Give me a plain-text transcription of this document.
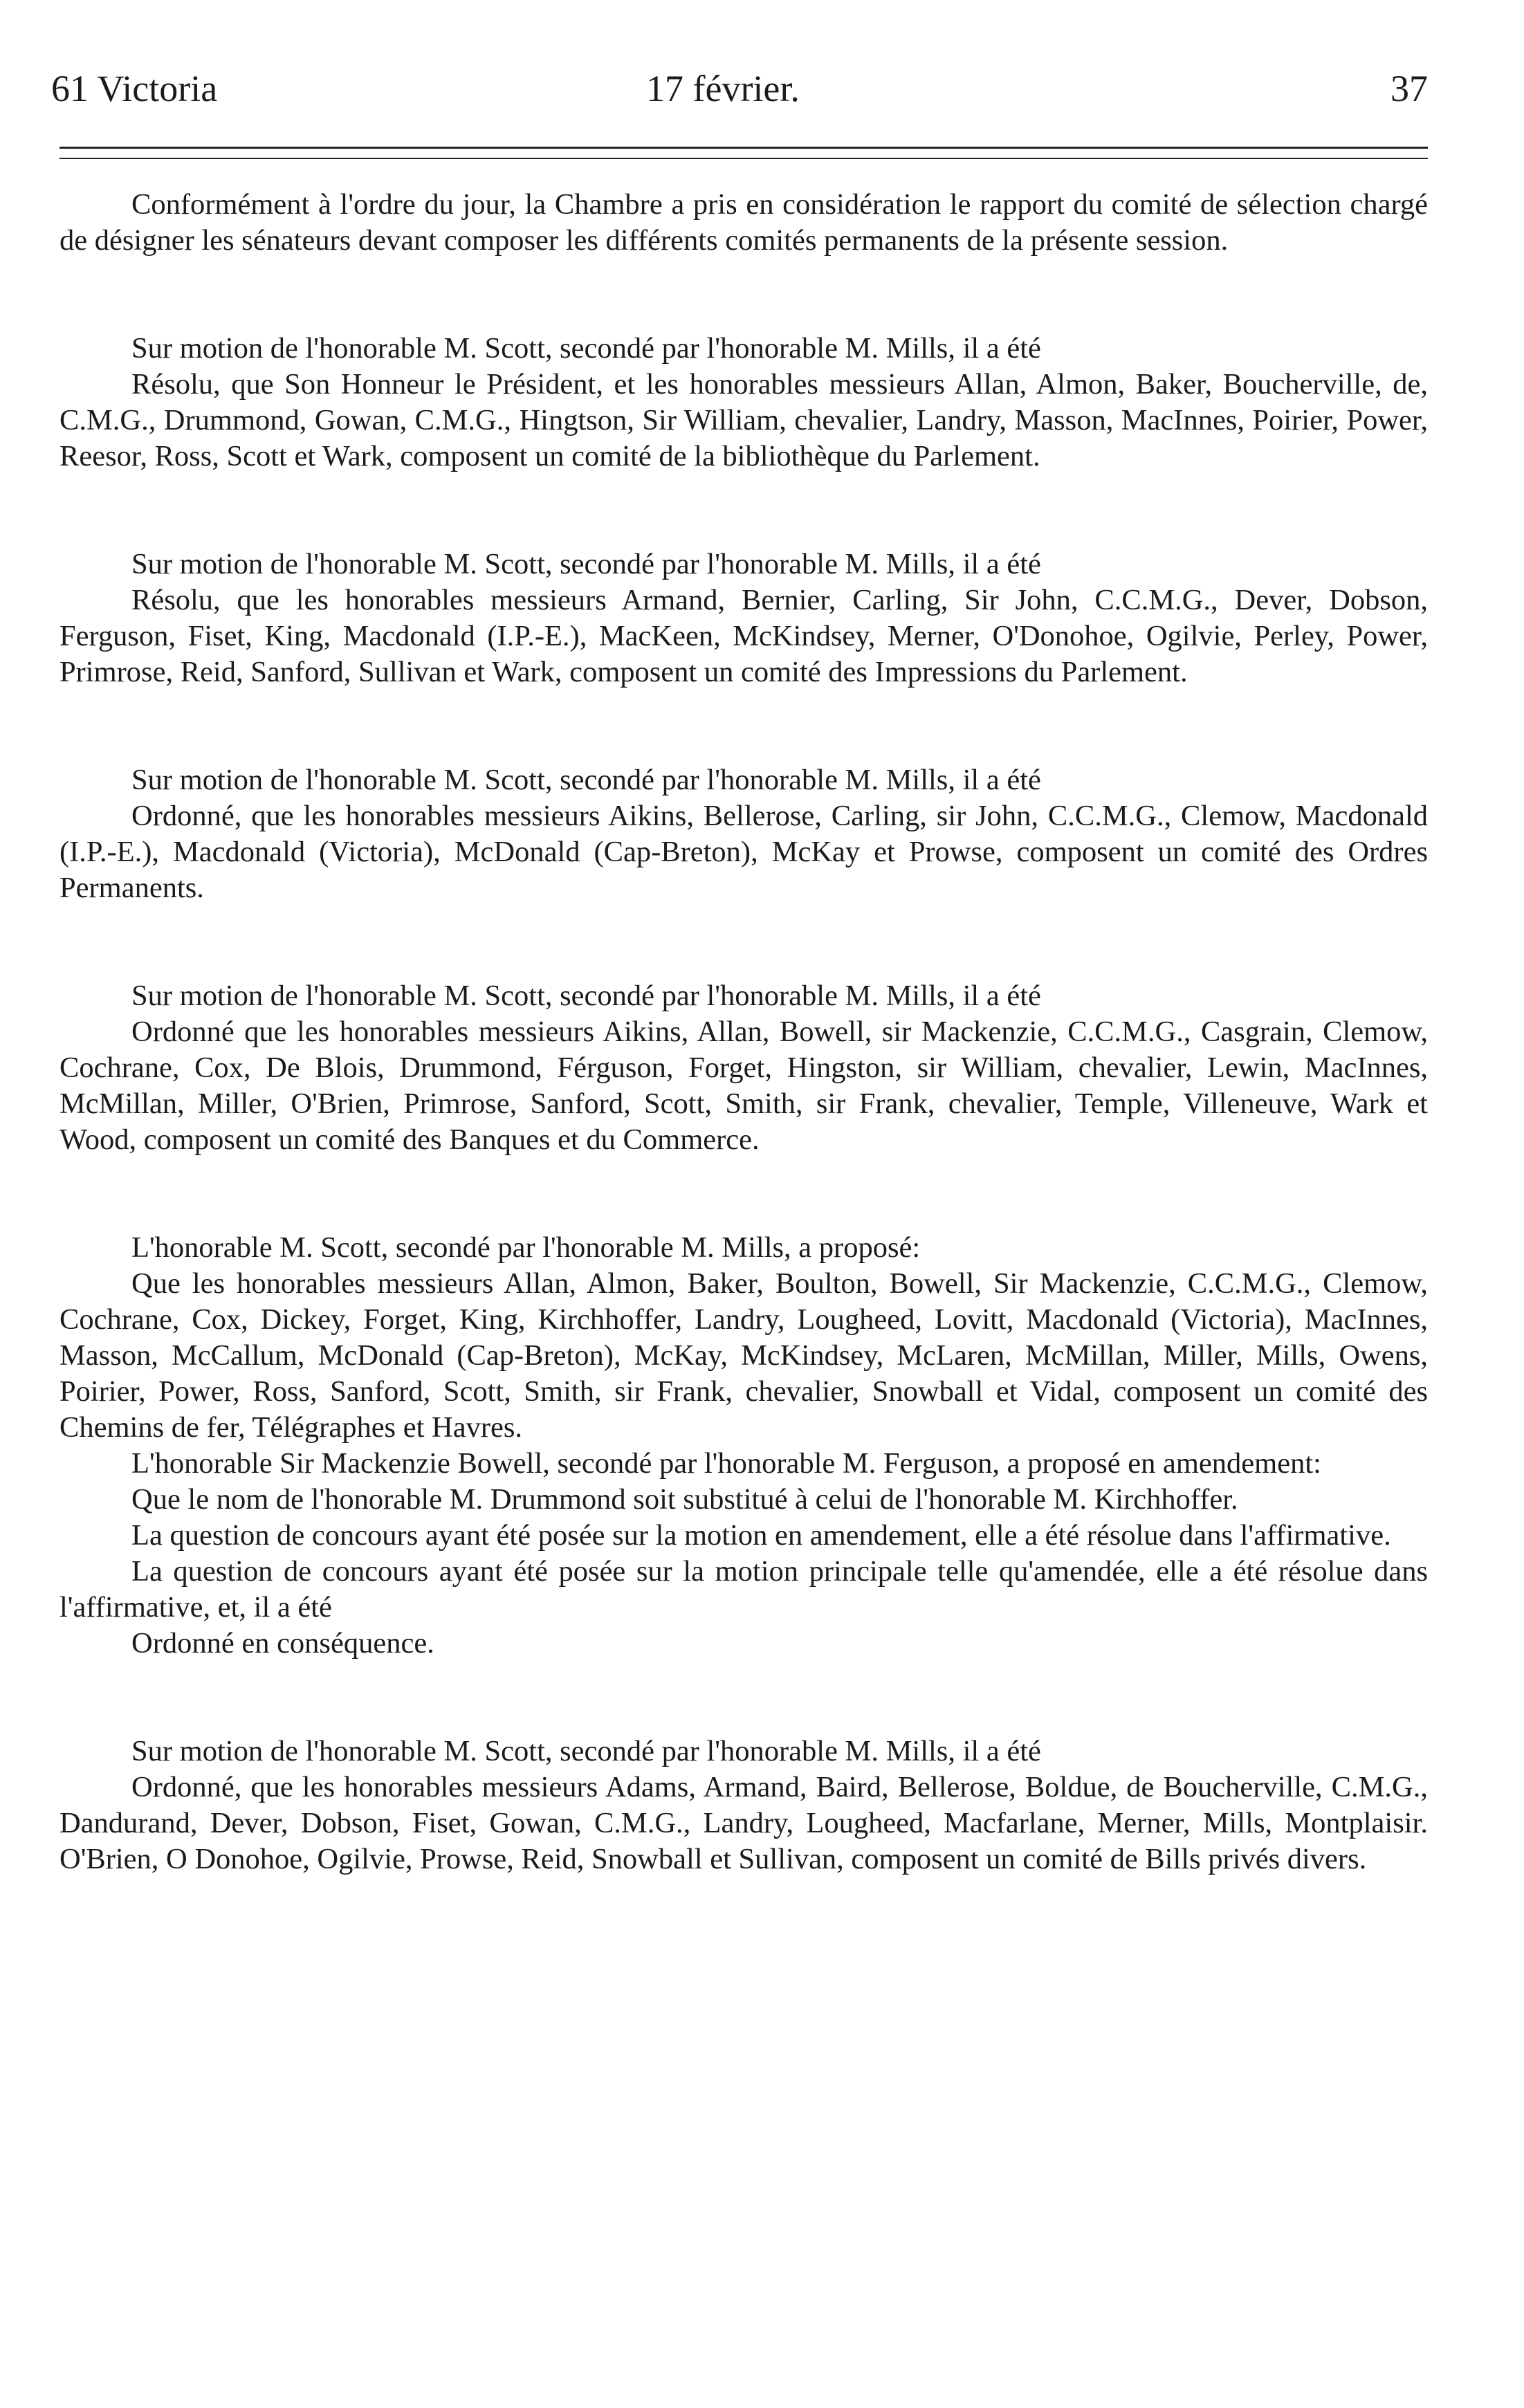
61 Victoria	17 février.	37

Conformément à l'ordre du jour, la Chambre a pris en considération le rapport du comité de sélection chargé de désigner les sénateurs devant composer les différents comités permanents de la présente session.

Sur motion de l'honorable M. Scott, secondé par l'honorable M. Mills, il a été

Résolu, que Son Honneur le Président, et les honorables messieurs Allan, Almon, Baker, Boucherville, de, C.M.G., Drummond, Gowan, C.M.G., Hingtson, Sir William, chevalier, Landry, Masson, MacInnes, Poirier, Power, Reesor, Ross, Scott et Wark, composent un comité de la bibliothèque du Parlement.

Sur motion de l'honorable M. Scott, secondé par l'honorable M. Mills, il a été

Résolu, que les honorables messieurs Armand, Bernier, Carling, Sir John, C.C.M.G., Dever, Dobson, Ferguson, Fiset, King, Macdonald (I.P.-E.), MacKeen, McKindsey, Merner, O'Donohoe, Ogilvie, Perley, Power, Primrose, Reid, Sanford, Sullivan et Wark, composent un comité des Impressions du Parlement.

Sur motion de l'honorable M. Scott, secondé par l'honorable M. Mills, il a été

Ordonné, que les honorables messieurs Aikins, Bellerose, Carling, sir John, C.C.M.G., Clemow, Macdonald (I.P.-E.), Macdonald (Victoria), McDonald (Cap-Breton), McKay et Prowse, composent un comité des Ordres Permanents.

Sur motion de l'honorable M. Scott, secondé par l'honorable M. Mills, il a été

Ordonné que les honorables messieurs Aikins, Allan, Bowell, sir Mackenzie, C.C.M.G., Casgrain, Clemow, Cochrane, Cox, De Blois, Drummond, Férguson, Forget, Hingston, sir William, chevalier, Lewin, MacInnes, McMillan, Miller, O'Brien, Primrose, Sanford, Scott, Smith, sir Frank, chevalier, Temple, Villeneuve, Wark et Wood, composent un comité des Banques et du Commerce.

L'honorable M. Scott, secondé par l'honorable M. Mills, a proposé:

Que les honorables messieurs Allan, Almon, Baker, Boulton, Bowell, Sir Mackenzie, C.C.M.G., Clemow, Cochrane, Cox, Dickey, Forget, King, Kirchhoffer, Landry, Lougheed, Lovitt, Macdonald (Victoria), MacInnes, Masson, McCallum, McDonald (Cap-Breton), McKay, McKindsey, McLaren, McMillan, Miller, Mills, Owens, Poirier, Power, Ross, Sanford, Scott, Smith, sir Frank, chevalier, Snowball et Vidal, composent un comité des Chemins de fer, Télégraphes et Havres.

L'honorable Sir Mackenzie Bowell, secondé par l'honorable M. Ferguson, a proposé en amendement:

Que le nom de l'honorable M. Drummond soit substitué à celui de l'honorable M. Kirchhoffer.

La question de concours ayant été posée sur la motion en amendement, elle a été résolue dans l'affirmative.

La question de concours ayant été posée sur la motion principale telle qu'amendée, elle a été résolue dans l'affirmative, et, il a été

Ordonné en conséquence.

Sur motion de l'honorable M. Scott, secondé par l'honorable M. Mills, il a été

Ordonné, que les honorables messieurs Adams, Armand, Baird, Bellerose, Boldue, de Boucherville, C.M.G., Dandurand, Dever, Dobson, Fiset, Gowan, C.M.G., Landry, Lougheed, Macfarlane, Merner, Mills, Montplaisir. O'Brien, O Donohoe, Ogilvie, Prowse, Reid, Snowball et Sullivan, composent un comité de Bills privés divers.
